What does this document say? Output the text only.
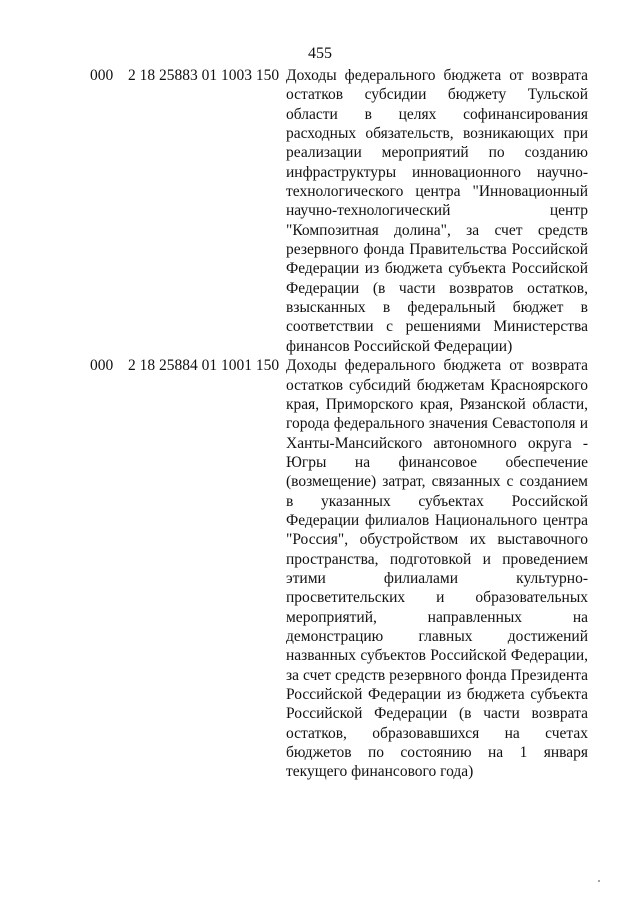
455
000 2 18 25883 01 1003 150 Доходы федерального бюджета от возврата остатков субсидии бюджету Тульской области в целях софинансирования расходных обязательств, возникающих при реализации мероприятий по созданию инфраструктуры инновационного научно-технологического центра "Инновационный научно-технологический центр "Композитная долина", за счет средств резервного фонда Правительства Российской Федерации из бюджета субъекта Российской Федерации (в части возвратов остатков, взысканных в федеральный бюджет в соответствии с решениями Министерства финансов Российской Федерации)
000 2 18 25884 01 1001 150 Доходы федерального бюджета от возврата остатков субсидий бюджетам Красноярского края, Приморского края, Рязанской области, города федерального значения Севастополя и Ханты-Мансийского автономного округа - Югры на финансовое обеспечение (возмещение) затрат, связанных с созданием в указанных субъектах Российской Федерации филиалов Национального центра "Россия", обустройством их выставочного пространства, подготовкой и проведением этими филиалами культурно-просветительских и образовательных мероприятий, направленных на демонстрацию главных достижений названных субъектов Российской Федерации, за счет средств резервного фонда Президента Российской Федерации из бюджета субъекта Российской Федерации (в части возврата остатков, образовавшихся на счетах бюджетов по состоянию на 1 января текущего финансового года)
